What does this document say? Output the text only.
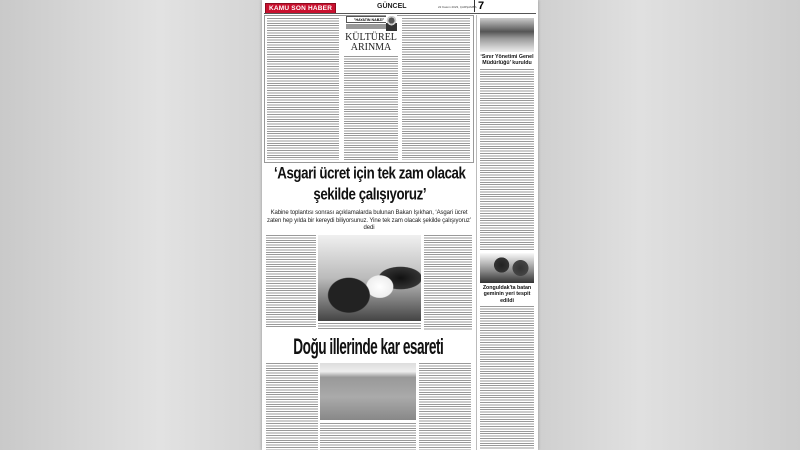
KAMU SON HABER	GÜNCEL	22 Kasım 2023, ÇARŞAMBA 7
"HAYATIN NABZI"
KÜLTÜREL ARINMA
‘Asgari ücret için tek zam olacak şekilde çalışıyoruz’
Kabine toplantısı sonrası açıklamalarda bulunan Bakan Işıkhan, ‘Asgari ücret zaten hep yılda bir kereydi biliyorsunuz. Yine tek zam olacak şekilde çalışıyoruz’ dedi
Doğu illerinde kar esareti
‘Sınır Yönetimi Genel Müdürlüğü’ kuruldu
Zonguldak'ta batan geminin yeri tespit edildi
